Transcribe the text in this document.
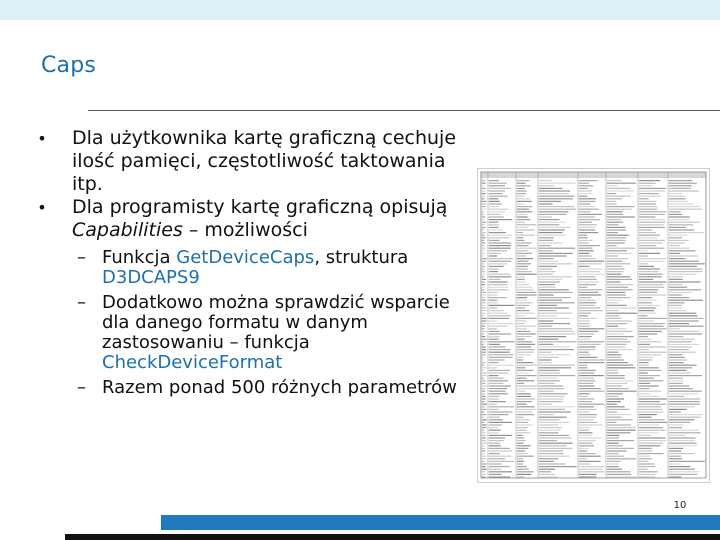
Caps
• Dla użytkownika kartę graficzną cechuje ilość pamięci, częstotliwość taktowania itp.
• Dla programisty kartę graficzną opisują Capabilities – możliwości
– Funkcja GetDeviceCaps, struktura D3DCAPS9
– Dodatkowo można sprawdzić wsparcie dla danego formatu w danym zastosowaniu – funkcja CheckDeviceFormat
– Razem ponad 500 różnych parametrów
10
